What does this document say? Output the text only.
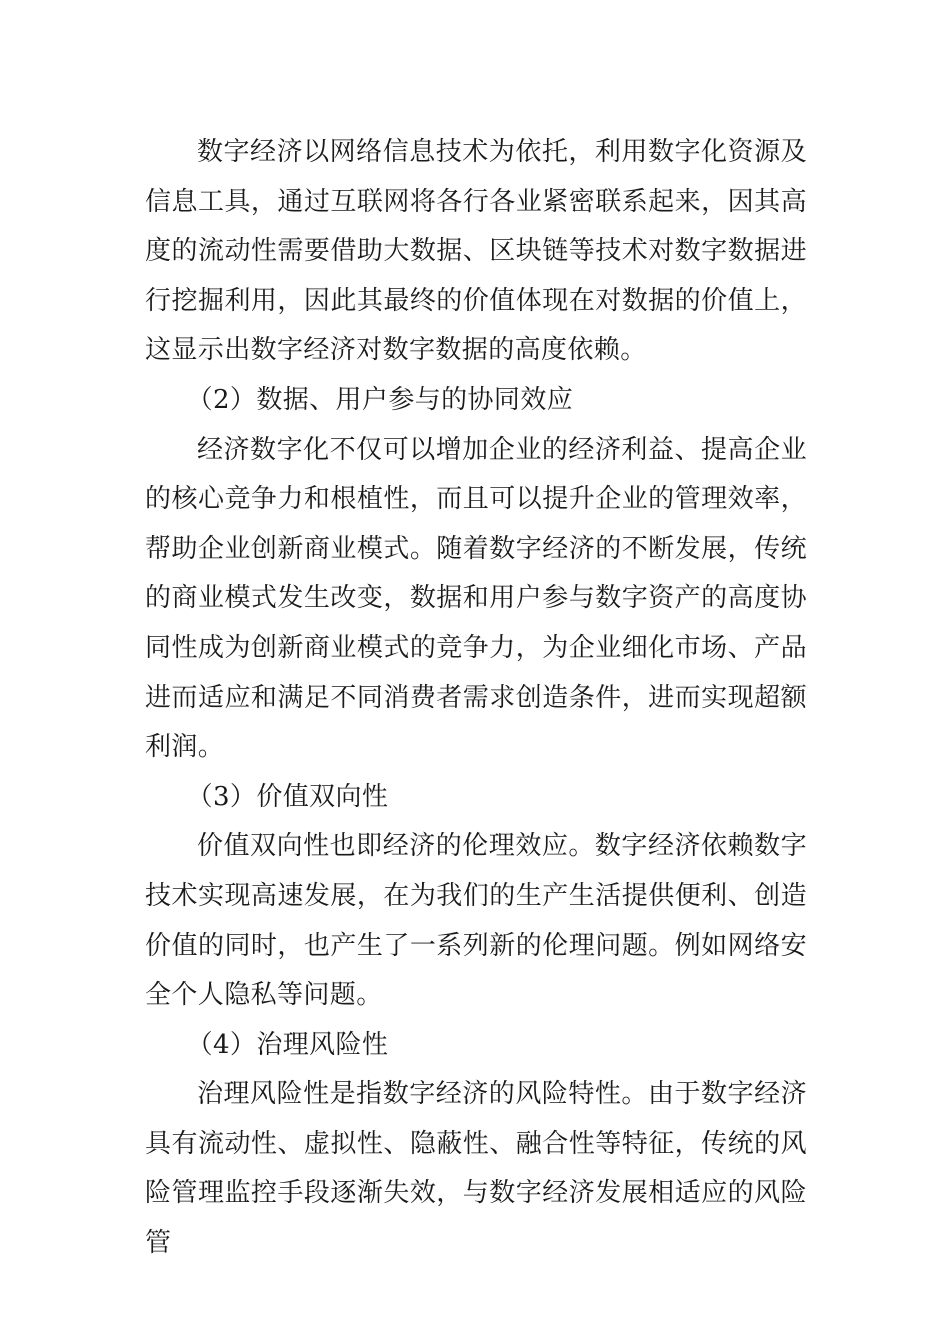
数字经济以网络信息技术为依托，利用数字化资源及信息工具，通过互联网将各行各业紧密联系起来，因其高度的流动性需要借助大数据、区块链等技术对数字数据进行挖掘利用，因此其最终的价值体现在对数据的价值上，这显示出数字经济对数字数据的高度依赖。

（2）数据、用户参与的协同效应

经济数字化不仅可以增加企业的经济利益、提高企业的核心竞争力和根植性，而且可以提升企业的管理效率，帮助企业创新商业模式。随着数字经济的不断发展，传统的商业模式发生改变，数据和用户参与数字资产的高度协同性成为创新商业模式的竞争力，为企业细化市场、产品进而适应和满足不同消费者需求创造条件，进而实现超额利润。

（3）价值双向性

价值双向性也即经济的伦理效应。数字经济依赖数字技术实现高速发展，在为我们的生产生活提供便利、创造价值的同时，也产生了一系列新的伦理问题。例如网络安全个人隐私等问题。

（4）治理风险性

治理风险性是指数字经济的风险特性。由于数字经济具有流动性、虚拟性、隐蔽性、融合性等特征，传统的风险管理监控手段逐渐失效，与数字经济发展相适应的风险管
